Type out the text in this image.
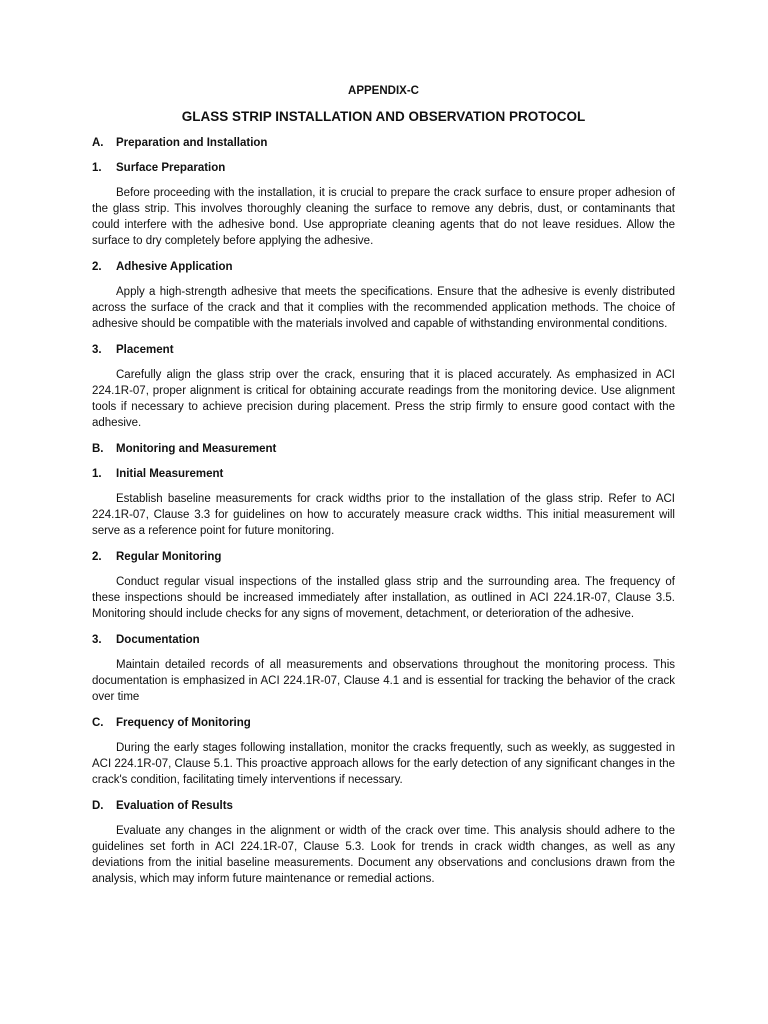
APPENDIX-C
GLASS STRIP INSTALLATION AND OBSERVATION PROTOCOL
A.	Preparation and Installation
1.	Surface Preparation

Before proceeding with the installation, it is crucial to prepare the crack surface to ensure proper adhesion of the glass strip. This involves thoroughly cleaning the surface to remove any debris, dust, or contaminants that could interfere with the adhesive bond. Use appropriate cleaning agents that do not leave residues. Allow the surface to dry completely before applying the adhesive.

2.	Adhesive Application

Apply a high-strength adhesive that meets the specifications. Ensure that the adhesive is evenly distributed across the surface of the crack and that it complies with the recommended application methods. The choice of adhesive should be compatible with the materials involved and capable of withstanding environmental conditions.

3.	Placement

Carefully align the glass strip over the crack, ensuring that it is placed accurately. As emphasized in ACI 224.1R-07, proper alignment is critical for obtaining accurate readings from the monitoring device. Use alignment tools if necessary to achieve precision during placement. Press the strip firmly to ensure good contact with the adhesive.

B.	Monitoring and Measurement
1.	Initial Measurement

Establish baseline measurements for crack widths prior to the installation of the glass strip. Refer to ACI 224.1R-07, Clause 3.3 for guidelines on how to accurately measure crack widths. This initial measurement will serve as a reference point for future monitoring.

2.	Regular Monitoring

Conduct regular visual inspections of the installed glass strip and the surrounding area. The frequency of these inspections should be increased immediately after installation, as outlined in ACI 224.1R-07, Clause 3.5. Monitoring should include checks for any signs of movement, detachment, or deterioration of the adhesive.

3.	Documentation

Maintain detailed records of all measurements and observations throughout the monitoring process. This documentation is emphasized in ACI 224.1R-07, Clause 4.1 and is essential for tracking the behavior of the crack over time

C.	Frequency of Monitoring

During the early stages following installation, monitor the cracks frequently, such as weekly, as suggested in ACI 224.1R-07, Clause 5.1. This proactive approach allows for the early detection of any significant changes in the crack's condition, facilitating timely interventions if necessary.

D.	Evaluation of Results

Evaluate any changes in the alignment or width of the crack over time. This analysis should adhere to the guidelines set forth in ACI 224.1R-07, Clause 5.3. Look for trends in crack width changes, as well as any deviations from the initial baseline measurements. Document any observations and conclusions drawn from the analysis, which may inform future maintenance or remedial actions.
